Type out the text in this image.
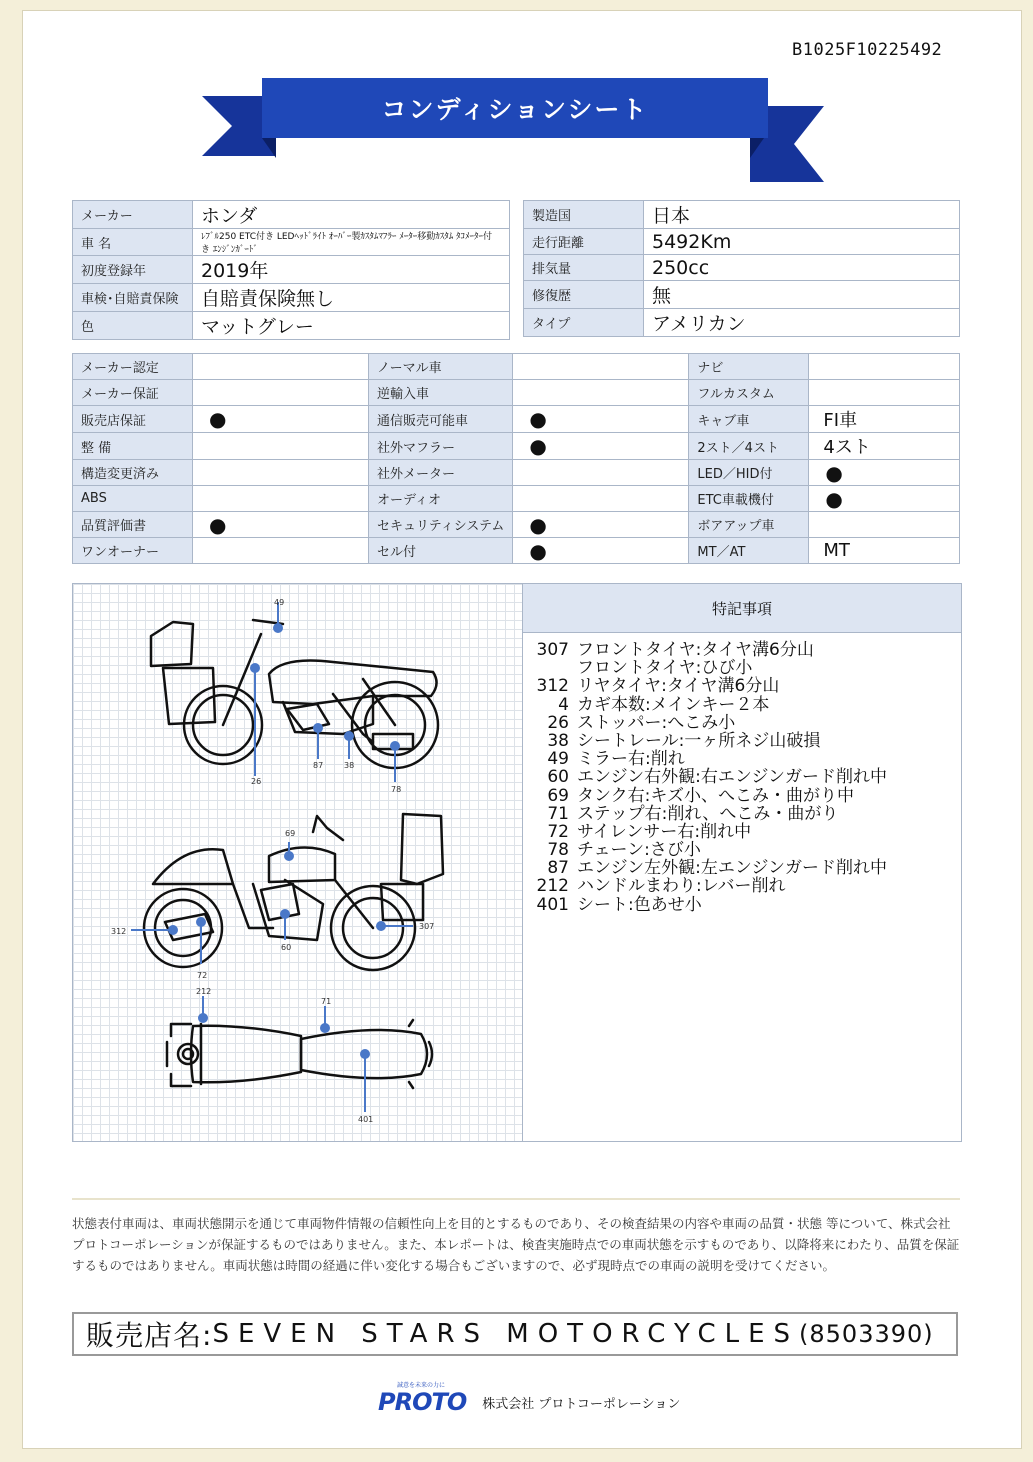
B1025F10225492
コンディションシート
メーカー	ホンダ
車 名	ﾚﾌﾞﾙ250 ETC付き LEDﾍｯﾄﾞﾗｲﾄ ｵｰﾊﾞｰ製ｶｽﾀﾑﾏﾌﾗｰ ﾒｰﾀｰ移動ｶｽﾀﾑ ﾀｺﾒｰﾀｰ付き ｴﾝｼﾞﾝｶﾞｰﾄﾞ
初度登録年	2019年
車検･自賠責保険	自賠責保険無し
色	マットグレー
製造国	日本
走行距離	5492Km
排気量	250cc
修復歴	無
タイプ	アメリカン
メーカー認定		ノーマル車		ナビ	
メーカー保証		逆輸入車		フルカスタム	
販売店保証	●	通信販売可能車	●	キャブ車	FI車
整 備		社外マフラー	●	2スト／4スト	4スト
構造変更済み		社外メーター		LED／HID付	●
ABS		オーディオ		ETC車載機付	●
品質評価書	●	セキュリティシステム	●	ボアアップ車	
ワンオーナー		セル付	●	MT／AT	MT
49
26
87	38
78
69
312
72
60
307
212
71
401
特記事項
307 フロントタイヤ:タイヤ溝6分山
フロントタイヤ:ひび小
312 リヤタイヤ:タイヤ溝6分山
4 カギ本数:メインキー２本
26 ストッパー:へこみ小
38 シートレール:一ヶ所ネジ山破損
49 ミラー右:削れ
60 エンジン右外観:右エンジンガード削れ中
69 タンク右:キズ小、へこみ・曲がり中
71 ステップ右:削れ、へこみ・曲がり
72 サイレンサー右:削れ中
78 チェーン:さび小
87 エンジン左外観:左エンジンガード削れ中
212 ハンドルまわり:レバー削れ
401 シート:色あせ小
状態表付車両は、車両状態開示を通じて車両物件情報の信頼性向上を目的とするものであり、その検査結果の内容や車両の品質・状態 等について、株式会社プロトコーポレーションが保証するものではありません。また、本レポートは、検査実施時点での車両状態を示すものであり、以降将来にわたり、品質を保証するものではありません。車両状態は時間の経過に伴い変化する場合もございますので、必ず現時点での車両の説明を受けてください。
販売店名: SEVEN STARS MOTORCYCLES (8503390)
誠意を未来の力に
PROTO 株式会社 プロトコーポレーション
